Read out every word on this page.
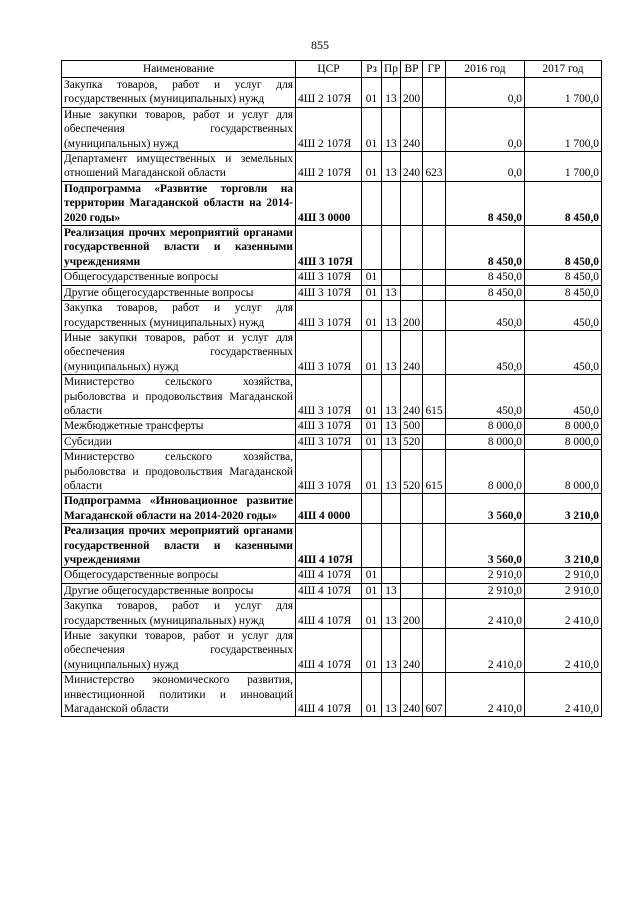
855
Наименование	ЦСР	Рз	Пр	ВР	ГР	2016 год	2017 год
Закупка товаров, работ и услуг для государственных (муниципальных) нужд	4Ш 2 107Я	01	13	200		0,0	1 700,0
Иные закупки товаров, работ и услуг для обеспечения государственных (муниципальных) нужд	4Ш 2 107Я	01	13	240		0,0	1 700,0
Департамент имущественных и земельных отношений Магаданской области	4Ш 2 107Я	01	13	240	623	0,0	1 700,0
Подпрограмма «Развитие торговли на территории Магаданской области на 2014-2020 годы»	4Ш 3 0000					8 450,0	8 450,0
Реализация прочих мероприятий органами государственной власти и казенными учреждениями	4Ш 3 107Я					8 450,0	8 450,0
Общегосударственные вопросы	4Ш 3 107Я	01				8 450,0	8 450,0
Другие общегосударственные вопросы	4Ш 3 107Я	01	13			8 450,0	8 450,0
Закупка товаров, работ и услуг для государственных (муниципальных) нужд	4Ш 3 107Я	01	13	200		450,0	450,0
Иные закупки товаров, работ и услуг для обеспечения государственных (муниципальных) нужд	4Ш 3 107Я	01	13	240		450,0	450,0
Министерство сельского хозяйства, рыболовства и продовольствия Магаданской области	4Ш 3 107Я	01	13	240	615	450,0	450,0
Межбюджетные трансферты	4Ш 3 107Я	01	13	500		8 000,0	8 000,0
Субсидии	4Ш 3 107Я	01	13	520		8 000,0	8 000,0
Министерство сельского хозяйства, рыболовства и продовольствия Магаданской области	4Ш 3 107Я	01	13	520	615	8 000,0	8 000,0
Подпрограмма «Инновационное развитие Магаданской области на 2014-2020 годы»	4Ш 4 0000					3 560,0	3 210,0
Реализация прочих мероприятий органами государственной власти и казенными учреждениями	4Ш 4 107Я					3 560,0	3 210,0
Общегосударственные вопросы	4Ш 4 107Я	01				2 910,0	2 910,0
Другие общегосударственные вопросы	4Ш 4 107Я	01	13			2 910,0	2 910,0
Закупка товаров, работ и услуг для государственных (муниципальных) нужд	4Ш 4 107Я	01	13	200		2 410,0	2 410,0
Иные закупки товаров, работ и услуг для обеспечения государственных (муниципальных) нужд	4Ш 4 107Я	01	13	240		2 410,0	2 410,0
Министерство экономического развития, инвестиционной политики и инноваций Магаданской области	4Ш 4 107Я	01	13	240	607	2 410,0	2 410,0
